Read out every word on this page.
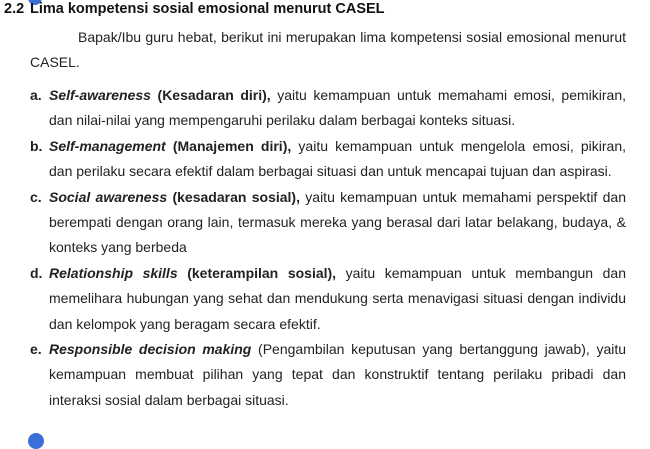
2.2 Lima kompetensi sosial emosional menurut CASEL

Bapak/Ibu guru hebat, berikut ini merupakan lima kompetensi sosial emosional menurut CASEL.

a. Self-awareness (Kesadaran diri), yaitu kemampuan untuk memahami emosi, pemikiran, dan nilai-nilai yang mempengaruhi perilaku dalam berbagai konteks situasi.
b. Self-management (Manajemen diri), yaitu kemampuan untuk mengelola emosi, pikiran, dan perilaku secara efektif dalam berbagai situasi dan untuk mencapai tujuan dan aspirasi.
c. Social awareness (kesadaran sosial), yaitu kemampuan untuk memahami perspektif dan berempati dengan orang lain, termasuk mereka yang berasal dari latar belakang, budaya, & konteks yang berbeda
d. Relationship skills (keterampilan sosial), yaitu kemampuan untuk membangun dan memelihara hubungan yang sehat dan mendukung serta menavigasi situasi dengan individu dan kelompok yang beragam secara efektif.
e. Responsible decision making (Pengambilan keputusan yang bertanggung jawab), yaitu kemampuan membuat pilihan yang tepat dan konstruktif tentang perilaku pribadi dan interaksi sosial dalam berbagai situasi.
